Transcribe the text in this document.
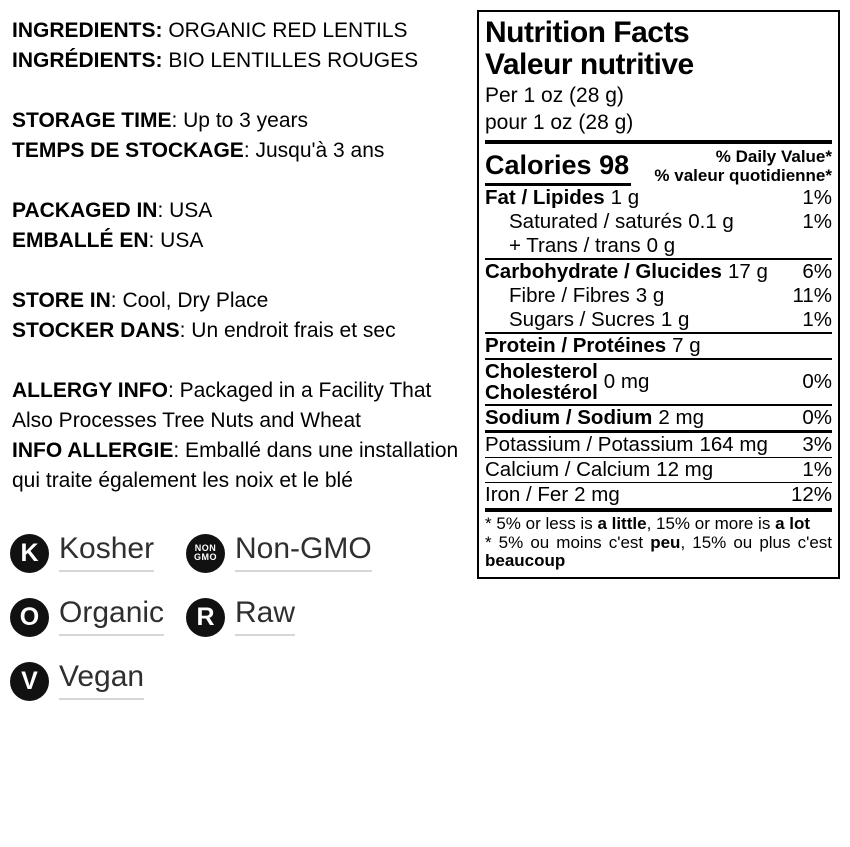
INGREDIENTS: ORGANIC RED LENTILS
INGRÉDIENTS: BIO LENTILLES ROUGES
STORAGE TIME: Up to 3 years
TEMPS DE STOCKAGE: Jusqu'à 3 ans
PACKAGED IN: USA
EMBALLÉ EN: USA
STORE IN: Cool, Dry Place
STOCKER DANS: Un endroit frais et sec
ALLERGY INFO: Packaged in a Facility That Also Processes Tree Nuts and Wheat
INFO ALLERGIE: Emballé dans une installation qui traite également les noix et le blé
K Kosher	NON
GMO Non-GMO
O Organic R Raw
V Vegan
Nutrition Facts
Valeur nutritive
Per 1 oz (28 g)
pour 1 oz (28 g)
Calories 98	% Daily Value*
% valeur quotidienne*
Fat / Lipides 1 g	1%
Saturated / saturés 0.1 g	1%
+ Trans / trans 0 g
Carbohydrate / Glucides 17 g 6%
Fibre / Fibres 3 g	11%
Sugars / Sucres 1 g	1%
Protein / Protéines 7 g
Cholesterol
Cholestérol 0 mg	0%
Sodium / Sodium 2 mg	0%
Potassium / Potassium 164 mg 3%
Calcium / Calcium 12 mg	1%
Iron / Fer 2 mg	12%
* 5% or less is a little, 15% or more is a lot
* 5% ou moins c'est peu, 15% ou plus c'est beaucoup
